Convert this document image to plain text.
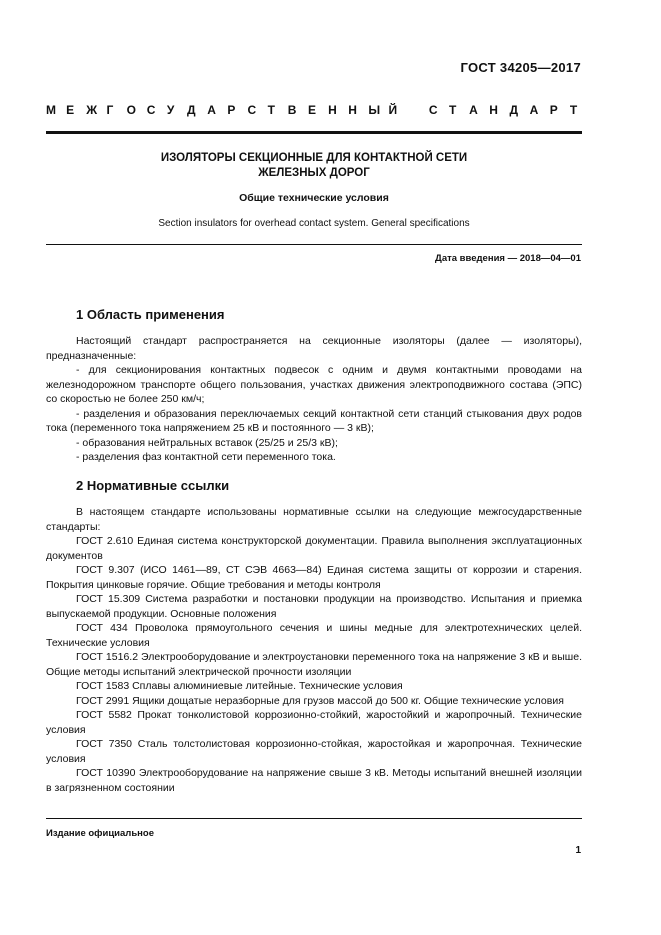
ГОСТ 34205—2017
М Е Ж Г О С У Д А Р С Т В Е Н Н Ы Й	С Т А Н Д А Р Т
ИЗОЛЯТОРЫ СЕКЦИОННЫЕ ДЛЯ КОНТАКТНОЙ СЕТИ
ЖЕЛЕЗНЫХ ДОРОГ
Общие технические условия
Section insulators for overhead contact system. General specifications
Дата введения — 2018—04—01
1 Область применения

Настоящий стандарт распространяется на секционные изоляторы (далее — изоляторы), предназначенные:

- для секционирования контактных подвесок с одним и двумя контактными проводами на железнодорожном транспорте общего пользования, участках движения электроподвижного состава (ЭПС) со скоростью не более 250 км/ч;

- разделения и образования переключаемых секций контактной сети станций стыкования двух родов тока (переменного тока напряжением 25 кВ и постоянного — 3 кВ);

- образования нейтральных вставок (25/25 и 25/3 кВ);

- разделения фаз контактной сети переменного тока.

2 Нормативные ссылки

В настоящем стандарте использованы нормативные ссылки на следующие межгосударственные стандарты:

ГОСТ 2.610 Единая система конструкторской документации. Правила выполнения эксплуатационных документов

ГОСТ 9.307 (ИСО 1461—89, СТ СЭВ 4663—84) Единая система защиты от коррозии и старения. Покрытия цинковые горячие. Общие требования и методы контроля

ГОСТ 15.309 Система разработки и постановки продукции на производство. Испытания и приемка выпускаемой продукции. Основные положения

ГОСТ 434 Проволока прямоугольного сечения и шины медные для электротехнических целей. Технические условия

ГОСТ 1516.2 Электрооборудование и электроустановки переменного тока на напряжение 3 кВ и выше. Общие методы испытаний электрической прочности изоляции

ГОСТ 1583 Сплавы алюминиевые литейные. Технические условия

ГОСТ 2991 Ящики дощатые неразборные для грузов массой до 500 кг. Общие технические условия

ГОСТ 5582 Прокат тонколистовой коррозионно-стойкий, жаростойкий и жаропрочный. Технические условия

ГОСТ 7350 Сталь толстолистовая коррозионно-стойкая, жаростойкая и жаропрочная. Технические условия

ГОСТ 10390 Электрооборудование на напряжение свыше 3 кВ. Методы испытаний внешней изоляции в загрязненном состоянии

Издание официальное
1
